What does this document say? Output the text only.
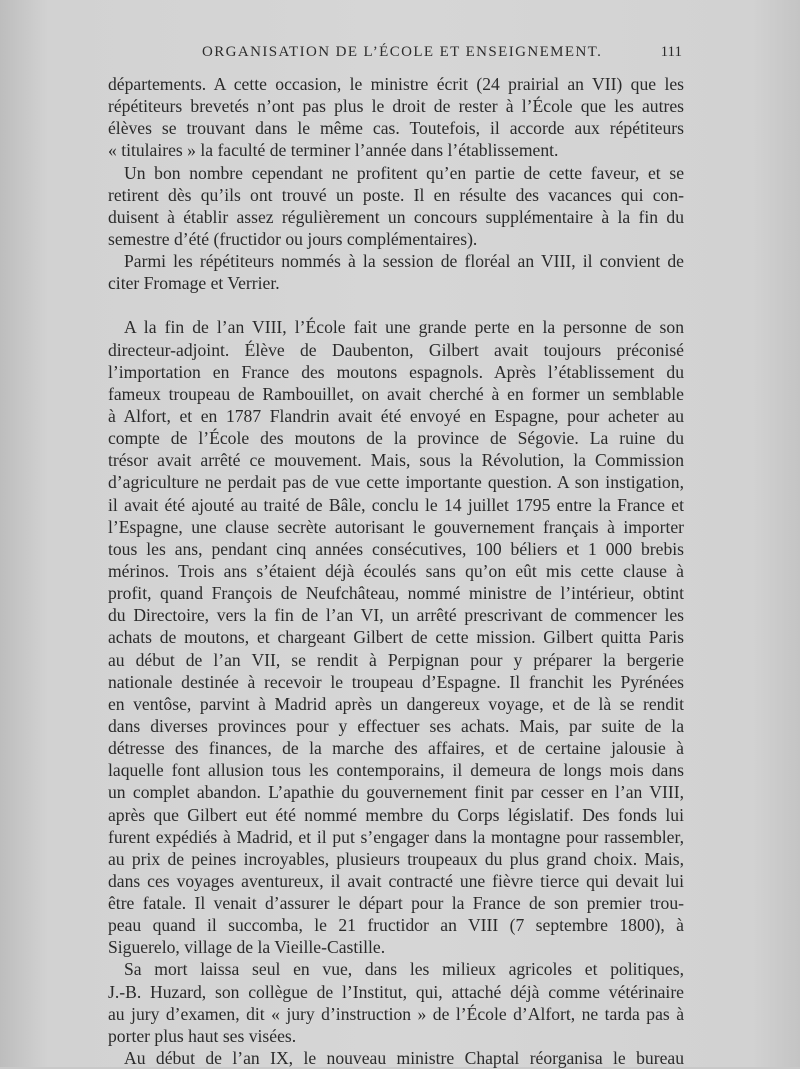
ORGANISATION DE L’ÉCOLE ET ENSEIGNEMENT.	111
départements. A cette occasion, le ministre écrit (24 prairial an VII) que les
répétiteurs brevetés n’ont pas plus le droit de rester à l’École que les autres
élèves se trouvant dans le même cas. Toutefois, il accorde aux répétiteurs
« titulaires » la faculté de terminer l’année dans l’établissement.
Un bon nombre cependant ne profitent qu’en partie de cette faveur, et se
retirent dès qu’ils ont trouvé un poste. Il en résulte des vacances qui con-
duisent à établir assez régulièrement un concours supplémentaire à la fin du
semestre d’été (fructidor ou jours complémentaires).
Parmi les répétiteurs nommés à la session de floréal an VIII, il convient de
citer Fromage et Verrier.
A la fin de l’an VIII, l’École fait une grande perte en la personne de son
directeur-adjoint. Élève de Daubenton, Gilbert avait toujours préconisé
l’importation en France des moutons espagnols. Après l’établissement du
fameux troupeau de Rambouillet, on avait cherché à en former un semblable
à Alfort, et en 1787 Flandrin avait été envoyé en Espagne, pour acheter au
compte de l’École des moutons de la province de Ségovie. La ruine du
trésor avait arrêté ce mouvement. Mais, sous la Révolution, la Commission
d’agriculture ne perdait pas de vue cette importante question. A son instigation,
il avait été ajouté au traité de Bâle, conclu le 14 juillet 1795 entre la France et
l’Espagne, une clause secrète autorisant le gouvernement français à importer
tous les ans, pendant cinq années consécutives, 100 béliers et 1 000 brebis
mérinos. Trois ans s’étaient déjà écoulés sans qu’on eût mis cette clause à
profit, quand François de Neufchâteau, nommé ministre de l’intérieur, obtint
du Directoire, vers la fin de l’an VI, un arrêté prescrivant de commencer les
achats de moutons, et chargeant Gilbert de cette mission. Gilbert quitta Paris
au début de l’an VII, se rendit à Perpignan pour y préparer la bergerie
nationale destinée à recevoir le troupeau d’Espagne. Il franchit les Pyrénées
en ventôse, parvint à Madrid après un dangereux voyage, et de là se rendit
dans diverses provinces pour y effectuer ses achats. Mais, par suite de la
détresse des finances, de la marche des affaires, et de certaine jalousie à
laquelle font allusion tous les contemporains, il demeura de longs mois dans
un complet abandon. L’apathie du gouvernement finit par cesser en l’an VIII,
après que Gilbert eut été nommé membre du Corps législatif. Des fonds lui
furent expédiés à Madrid, et il put s’engager dans la montagne pour rassembler,
au prix de peines incroyables, plusieurs troupeaux du plus grand choix. Mais,
dans ces voyages aventureux, il avait contracté une fièvre tierce qui devait lui
être fatale. Il venait d’assurer le départ pour la France de son premier trou-
peau quand il succomba, le 21 fructidor an VIII (7 septembre 1800), à
Siguerelo, village de la Vieille-Castille.
Sa mort laissa seul en vue, dans les milieux agricoles et politiques,
J.-B. Huzard, son collègue de l’Institut, qui, attaché déjà comme vétérinaire
au jury d’examen, dit « jury d’instruction » de l’École d’Alfort, ne tarda pas à
porter plus haut ses visées.
Au début de l’an IX, le nouveau ministre Chaptal réorganisa le bureau
